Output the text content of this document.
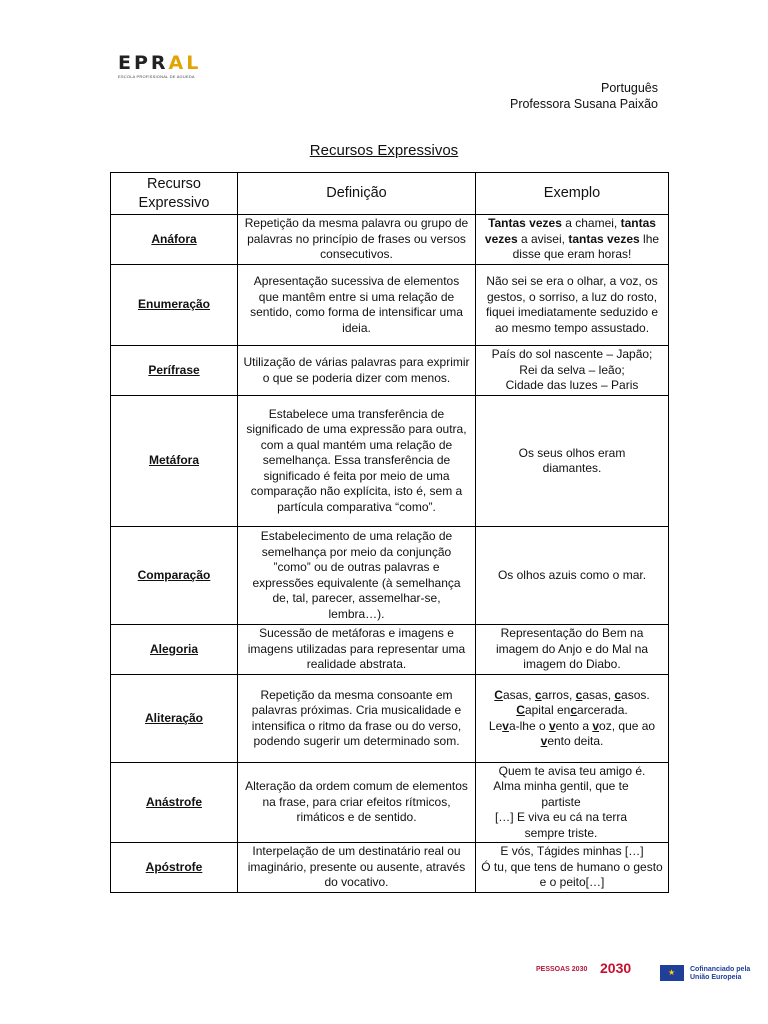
EPRAL
ESCOLA PROFISSIONAL DE AGUEDA
Português
Professora Susana Paixão
Recursos Expressivos
Recurso Expressivo	Definição	Exemplo
Anáfora	Repetição da mesma palavra ou grupo de palavras no princípio de frases ou versos consecutivos.	Tantas vezes a chamei, tantas vezes a avisei, tantas vezes lhe disse que eram horas!
Enumeração	Apresentação sucessiva de elementos que mantêm entre si uma relação de sentido, como forma de intensificar uma ideia.	Não sei se era o olhar, a voz, os gestos, o sorriso, a luz do rosto, fiquei imediatamente seduzido e ao mesmo tempo assustado.
Perífrase	Utilização de várias palavras para exprimir o que se poderia dizer com menos.	País do sol nascente – Japão;
Rei da selva – leão;
Cidade das luzes – Paris

Metáfora	Estabelece uma transferência de significado de uma expressão para outra, com a qual mantém uma relação de semelhança. Essa transferência de significado é feita por meio de uma comparação não explícita, isto é, sem a partícula comparativa “como”.	Os seus olhos eram diamantes.

Comparação	Estabelecimento de uma relação de semelhança por meio da conjunção ”como” ou de outras palavras e expressões equivalente (à semelhança de, tal, parecer, assemelhar-se, lembra…).	Os olhos azuis como o mar.
Alegoria	Sucessão de metáforas e imagens e imagens utilizadas para representar uma realidade abstrata.	Representação do Bem na imagem do Anjo e do Mal na imagem do Diabo.
Aliteração	Repetição da mesma consoante em palavras próximas. Cria musicalidade e intensifica o ritmo da frase ou do verso, podendo sugerir um determinado som.	Casas, carros, casas, casos.
Capital encarcerada.
Leva-lhe o vento a voz, que ao vento deita.

Anástrofe	Alteração da ordem comum de elementos na frase, para criar efeitos rítmicos, rimáticos e de sentido.	Quem te avisa teu amigo é.
Alma minha gentil, que te partiste
[…] E viva eu cá na terra sempre triste.

Apóstrofe	Interpelação de um destinatário real ou imaginário, presente ou ausente, através do vocativo.	E vós, Tágides minhas […]
Ó tu, que tens de humano o gesto e o peito[…]
PESSOAS 2030 2030	★ Cofinanciado pela União Europeia
